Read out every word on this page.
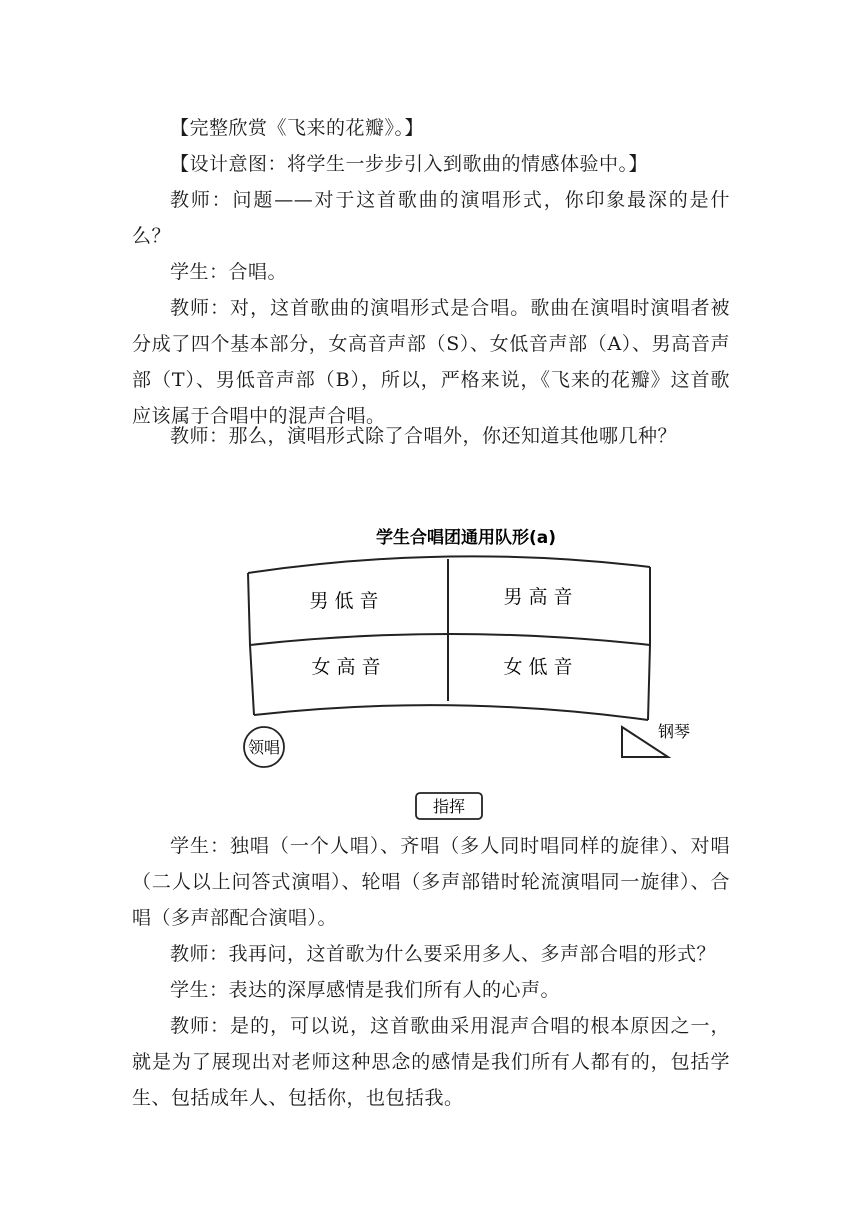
【完整欣赏《飞来的花瓣》。】

【设计意图：将学生一步步引入到歌曲的情感体验中。】

教师：问题——对于这首歌曲的演唱形式，你印象最深的是什么？

学生：合唱。

教师：对，这首歌曲的演唱形式是合唱。歌曲在演唱时演唱者被分成了四个基本部分，女高音声部（S）、女低音声部（A）、男高音声部（T）、男低音声部（B），所以，严格来说，《飞来的花瓣》这首歌应该属于合唱中的混声合唱。

教师：那么，演唱形式除了合唱外，你还知道其他哪几种？

学生合唱团通用队形(a)
男 低 音	男 高 音
女 高 音	女 低 音
领唱
钢琴
指挥

学生：独唱（一个人唱）、齐唱（多人同时唱同样的旋律）、对唱（二人以上问答式演唱）、轮唱（多声部错时轮流演唱同一旋律）、合唱（多声部配合演唱）。

教师：我再问，这首歌为什么要采用多人、多声部合唱的形式？

学生：表达的深厚感情是我们所有人的心声。

教师：是的，可以说，这首歌曲采用混声合唱的根本原因之一，就是为了展现出对老师这种思念的感情是我们所有人都有的，包括学生、包括成年人、包括你，也包括我。
